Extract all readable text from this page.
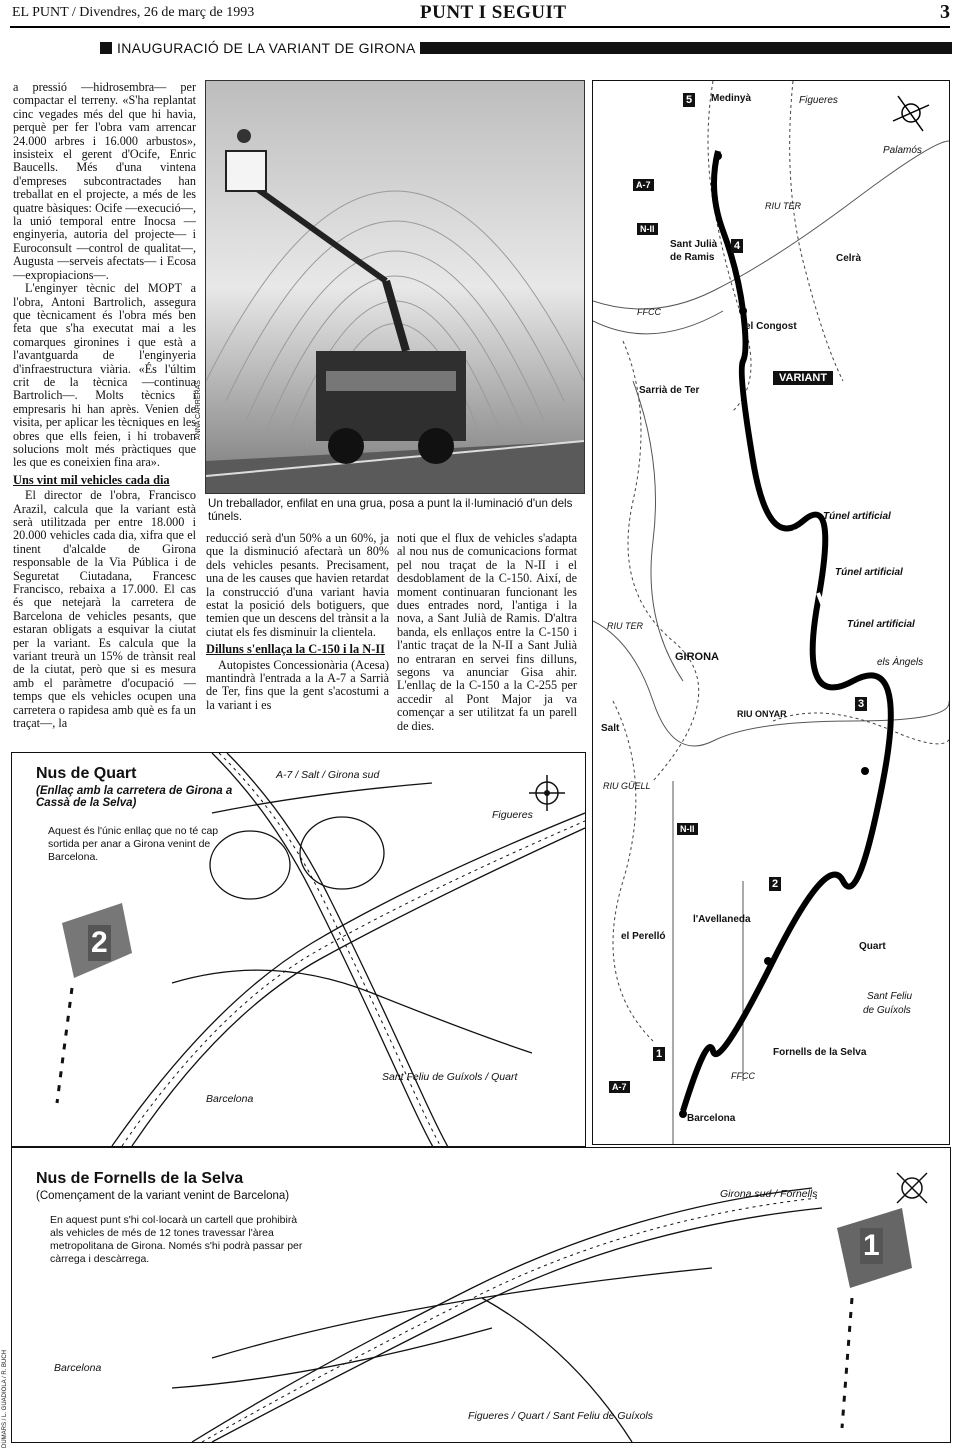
EL PUNT / Divendres, 26 de març de 1993	PUNT I SEGUIT	3
INAUGURACIÓ DE LA VARIANT DE GIRONA

a pressió —hidrosembra— per compactar el terreny. «S'ha replantat cinc vegades més del que hi havia, perquè per fer l'obra vam arrencar 24.000 arbres i 16.000 arbustos», insisteix el gerent d'Ocife, Enric Baucells. Més d'una vintena d'empreses subcontractades han treballat en el projecte, a més de les quatre bàsiques: Ocife —execució—, la unió temporal entre Inocsa —enginyeria, autoria del projecte— i Euroconsult —control de qualitat—, Augusta —serveis afectats— i Ecosa —expropiacions—.

L'enginyer tècnic del MOPT a l'obra, Antoni Bartrolich, assegura que tècnicament és l'obra més ben feta que s'ha executat mai a les comarques gironines i que està a l'avantguarda de l'enginyeria d'infraestructura viària. «És l'últim crit de la tècnica —continua Bartrolich—. Molts tècnics i empresaris hi han après. Venien de visita, per aplicar les tècniques en les obres que ells feien, i hi trobaven solucions molt més pràctiques que les que es coneixien fina ara».

Uns vint mil vehicles cada dia

El director de l'obra, Francisco Arazil, calcula que la variant està serà utilitzada per entre 18.000 i 20.000 vehicles cada dia, xifra que el tinent d'alcalde de Girona responsable de la Via Pública i de Seguretat Ciutadana, Francesc Francisco, rebaixa a 17.000. El cas és que netejarà la carretera de Barcelona de vehicles pesants, que estaran obligats a esquivar la ciutat per la variant. Es calcula que la variant treurà un 15% de trànsit real de la ciutat, però que si es mesura amb el paràmetre d'ocupació —temps que els vehicles ocupen una carretera o rapidesa amb què es fa un traçat—, la

ANNA CARRERAS
Un treballador, enfilat en una grua, posa a punt la il·luminació d'un dels túnels.

reducció serà d'un 50% a un 60%, ja que la disminució afectarà un 80% dels vehicles pesants. Precisament, una de les causes que havien retardat la construcció d'una variant havia estat la posició dels botiguers, que temien que un descens del trànsit a la ciutat els fes disminuir la clientela.

Dilluns s'enllaça la C-150 i la N-II

Autopistes Concessionària (Acesa) mantindrà l'entrada a la A-7 a Sarrià de Ter, fins que la gent s'acostumi a la variant i es

noti que el flux de vehicles s'adapta al nou nus de comunicacions format pel nou traçat de la N-II i el desdoblament de la C-150. Així, de moment continuaran funcionant les dues entrades nord, l'antiga i la nova, a Sant Julià de Ramis. D'altra banda, els enllaços entre la C-150 i l'antic traçat de la N-II a Sant Julià no entraran en servei fins dilluns, segons va anunciar Gisa ahir. L'enllaç de la C-150 a la C-255 per accedir al Pont Major ja va començar a ser utilitzat fa un parell de dies.

Medinyà	Figueres
Palamós
A-7
N-II
RIU TER
Sant Julià
de Ramis	Celrà
FFCC
el Congost
VARIANT
Sarrià de Ter
Túnel artificial
Túnel artificial
Túnel artificial
RIU TER
GIRONA	els Àngels
RIU ONYAR
Salt
RIU GÜELL
N-II
l'Avellaneda
el Perelló
Quart
Sant Feliu
de Guíxols
Fornells de la Selva
FFCC
A-7
Barcelona
5
4
3
2
1
Nus de Quart
(Enllaç amb la carretera de Girona a Cassà de la Selva)
Aquest és l'únic enllaç que no té cap sortida per anar a Girona venint de Barcelona.
A-7 / Salt / Girona sud
Figueres
Sant Feliu de Guíxols / Quart
Barcelona
2
Nus de Fornells de la Selva
(Començament de la variant venint de Barcelona)
En aquest punt s'hi col·locarà un cartell que prohibirà als vehicles de més de 12 tones travessar l'àrea metropolitana de Girona. Només s'hi podrà passar per càrrega i descàrrega.
Girona sud / Fornells
Barcelona
Figueres / Quart / Sant Feliu de Guíxols
1
DUMARS / L. GUADIOLA / R. BUCH
